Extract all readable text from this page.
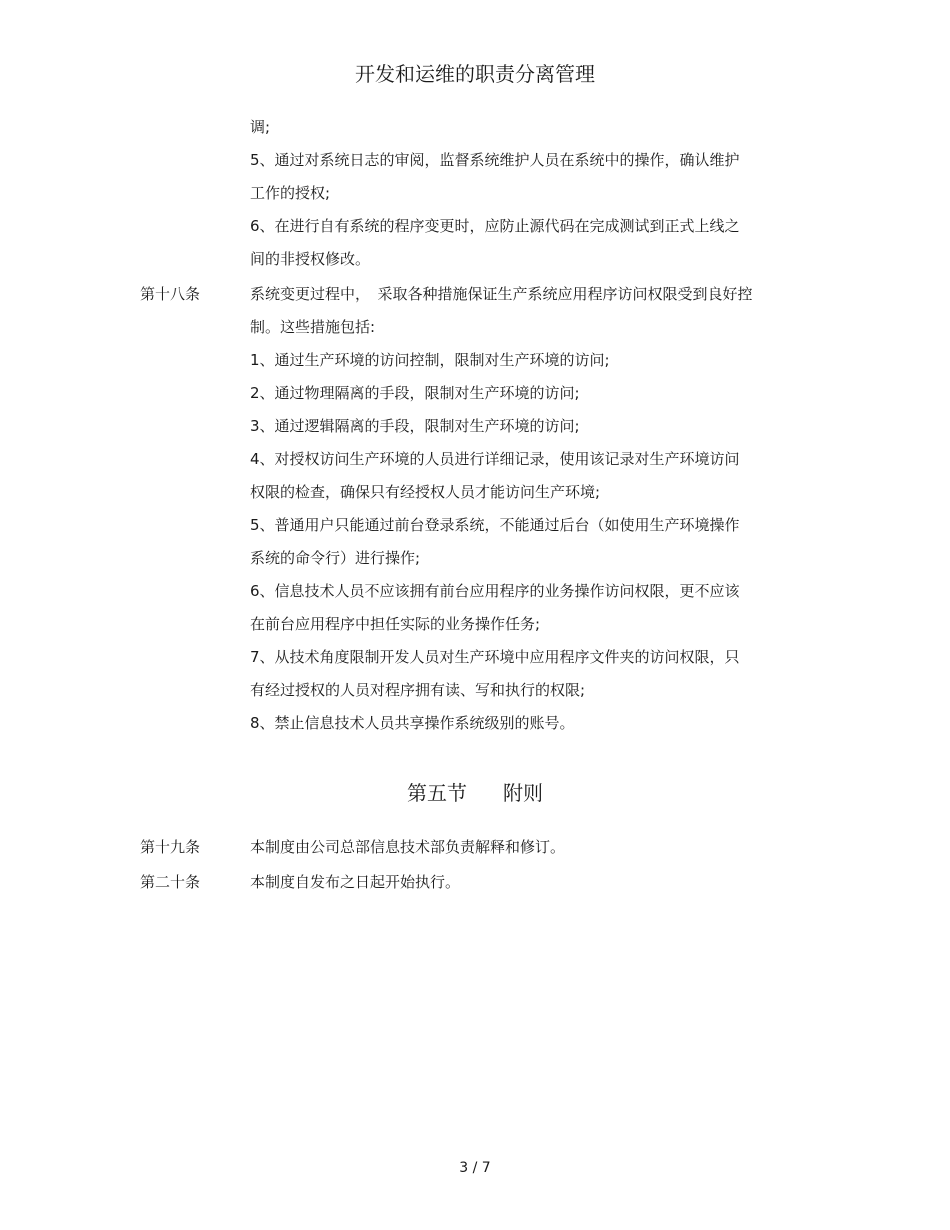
开发和运维的职责分离管理
调;
5、通过对系统日志的审阅，监督系统维护人员在系统中的操作，确认维护
工作的授权;
6、在进行自有系统的程序变更时，应防止源代码在完成测试到正式上线之
间的非授权修改。
第十八条	系统变更过程中，　采取各种措施保证生产系统应用程序访问权限受到良好控
制。这些措施包括:
1、通过生产环境的访问控制，限制对生产环境的访问;
2、通过物理隔离的手段，限制对生产环境的访问;
3、通过逻辑隔离的手段，限制对生产环境的访问;
4、对授权访问生产环境的人员进行详细记录，使用该记录对生产环境访问
权限的检查，确保只有经授权人员才能访问生产环境;
5、普通用户只能通过前台登录系统，不能通过后台（如使用生产环境操作
系统的命令行）进行操作;
6、信息技术人员不应该拥有前台应用程序的业务操作访问权限，更不应该
在前台应用程序中担任实际的业务操作任务;
7、从技术角度限制开发人员对生产环境中应用程序文件夹的访问权限，只
有经过授权的人员对程序拥有读、写和执行的权限;
8、禁止信息技术人员共享操作系统级别的账号。
第五节 附则
第十九条	本制度由公司总部信息技术部负责解释和修订。
第二十条	本制度自发布之日起开始执行。
3 / 7
